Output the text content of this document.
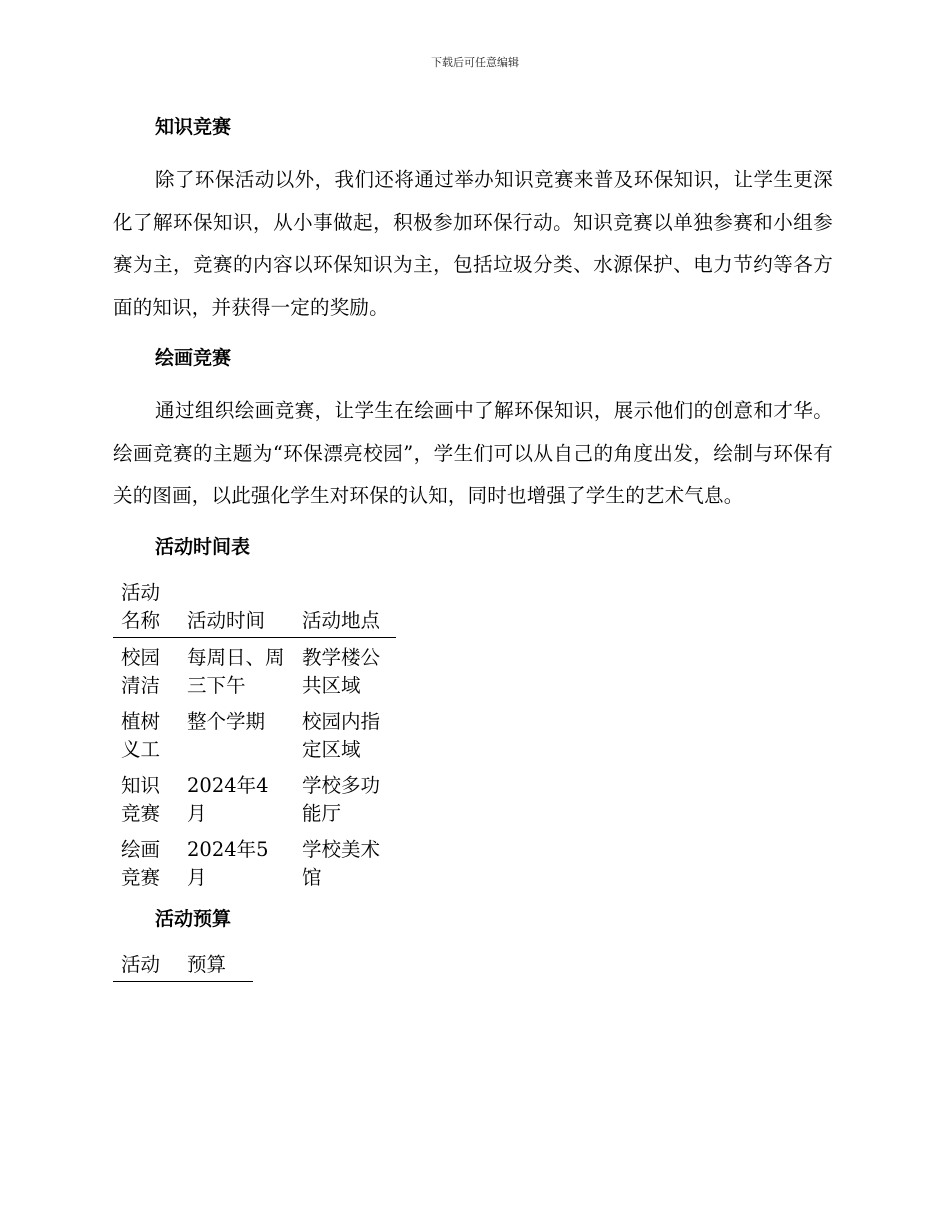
下载后可任意编辑
知识竞赛

除了环保活动以外，我们还将通过举办知识竞赛来普及环保知识，让学生更深化了解环保知识，从小事做起，积极参加环保行动。知识竞赛以单独参赛和小组参赛为主，竞赛的内容以环保知识为主，包括垃圾分类、水源保护、电力节约等各方面的知识，并获得一定的奖励。

绘画竞赛

通过组织绘画竞赛，让学生在绘画中了解环保知识，展示他们的创意和才华。绘画竞赛的主题为“环保漂亮校园”，学生们可以从自己的角度出发，绘制与环保有关的图画，以此强化学生对环保的认知，同时也增强了学生的艺术气息。

活动时间表
活动名称	活动时间	活动地点
校园清洁	每周日、周三下午	教学楼公共区域
植树义工	整个学期	校园内指定区域
知识竞赛	2024年4月	学校多功能厅
绘画竞赛	2024年5月	学校美术馆
活动预算
活动	预算
